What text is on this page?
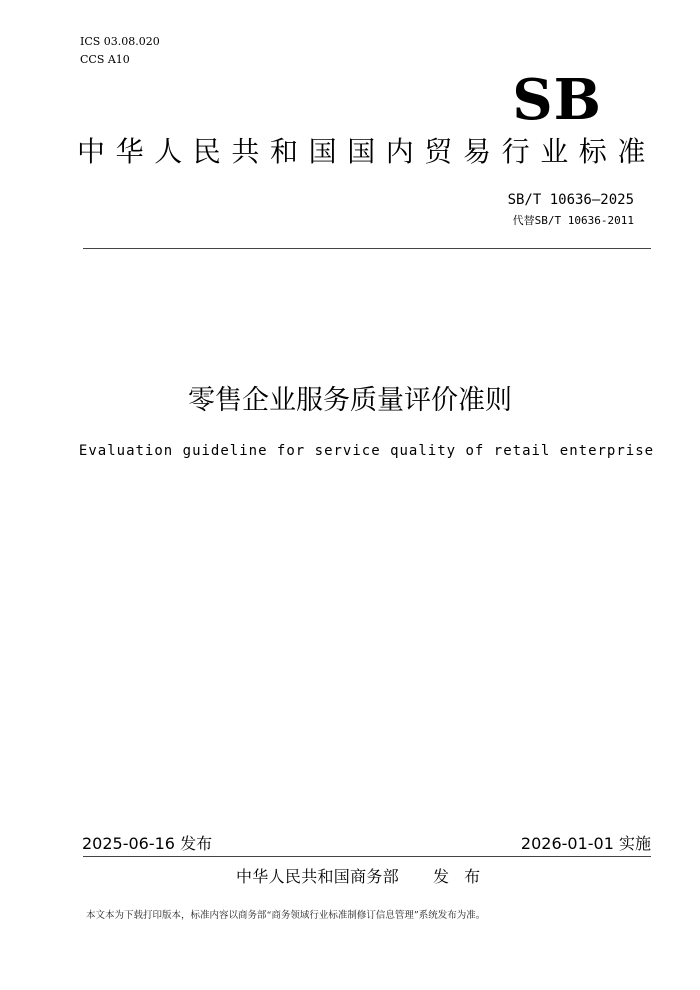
ICS 03.08.020
CCS A10
SB
中华人民共和国国内贸易行业标准
SB/T 10636—2025
代替SB/T 10636-2011
零售企业服务质量评价准则
Evaluation guideline for service quality of retail enterprise
2025-06-16 发布	2026-01-01 实施
中华人民共和国商务部 发 布
本文本为下载打印版本，标准内容以商务部“商务领域行业标准制修订信息管理”系统发布为准。
